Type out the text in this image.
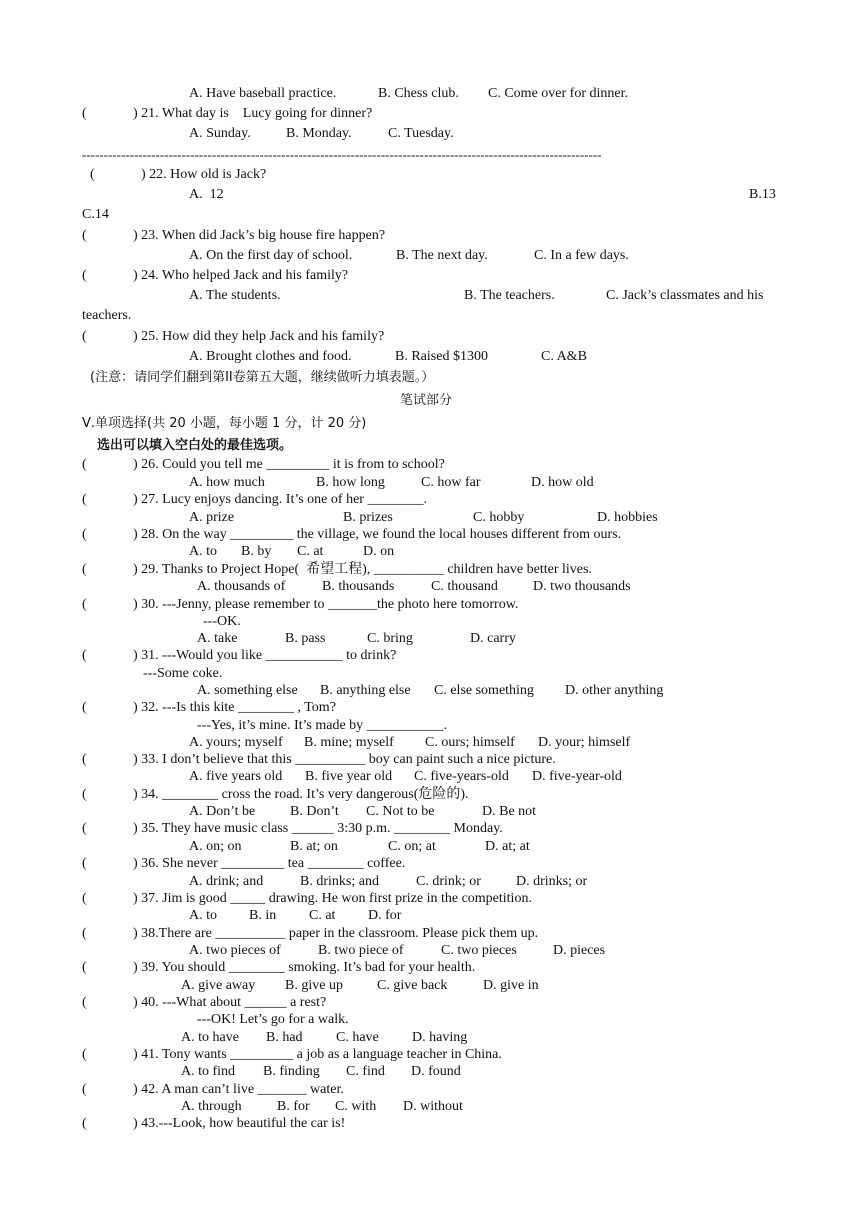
A. Have baseball practice.	B. Chess club. C. Come over for dinner.
(	) 21. What day is    Lucy going for dinner?
A. Sunday.	B. Monday.	C. Tuesday.
------------------------------------------------------------------------------------------------------------------------
(	) 22. How old is Jack?
A.  12	B.13
C.14
(	) 23. When did Jack’s big house fire happen?
A. On the first day of school.	B. The next day.	C. In a few days.
(	) 24. Who helped Jack and his family?
A. The students.	B. The teachers.	C. Jack’s classmates and his
teachers.
(	) 25. How did they help Jack and his family?
A. Brought clothes and food.	B. Raised $1300	C. A&B
(注意：请同学们翻到第II卷第五大题，继续做听力填表题。）
笔试部分
Ⅴ.单项选择(共 20 小题，每小题 1 分，计 20 分)
选出可以填入空白处的最佳选项。
(	) 26. Could you tell me _________ it is from to school?
A. how much	B. how long	C. how far	D. how old
(	) 27. Lucy enjoys dancing. It’s one of her ________.
A. prize	B. prizes	C. hobby	D. hobbies
(	) 28. On the way _________ the village, we found the local houses different from ours.
A. to B. by C. at	D. on
(	) 29. Thanks to Project Hope(  希望工程), __________ children have better lives.
A. thousands of	B. thousands	C. thousand	D. two thousands
(	) 30. ---Jenny, please remember to _______the photo here tomorrow.
---OK.
A. take	B. pass	C. bring	D. carry
(	) 31. ---Would you like ___________ to drink?
---Some coke.
A. something else B. anything else C. else something D. other anything
(	) 32. ---Is this kite ________ , Tom?
---Yes, it’s mine. It’s made by ___________.
A. yours; myself B. mine; myself C. ours; himself D. your; himself
(	) 33. I don’t believe that this __________ boy can paint such a nice picture.
A. five years old B. five year old C. five-years-old D. five-year-old
(	) 34. ________ cross the road. It’s very dangerous(危险的).
A. Don’t be B. Don’t C. Not to be	D. Be not
(	) 35. They have music class ______ 3:30 p.m. ________ Monday.
A. on; on	B. at; on	C. on; at	D. at; at
(	) 36. She never _________ tea ________ coffee.
A. drink; and	B. drinks; and	C. drink; or	D. drinks; or
(	) 37. Jim is good _____ drawing. He won first prize in the competition.
A. to B. in C. at D. for
(	) 38.There are __________ paper in the classroom. Please pick them up.
A. two pieces of	B. two piece of	C. two pieces	D. pieces
(	) 39. You should ________ smoking. It’s bad for your health.
A. give away B. give up C. give back	D. give in
(	) 40. ---What about ______ a rest?
---OK! Let’s go for a walk.
A. to have B. had C. have D. having
(	) 41. Tony wants _________ a job as a language teacher in China.
A. to find B. finding C. find D. found
(	) 42. A man can’t live _______ water.
A. through	B. for C. with D. without
(	) 43.---Look, how beautiful the car is!
